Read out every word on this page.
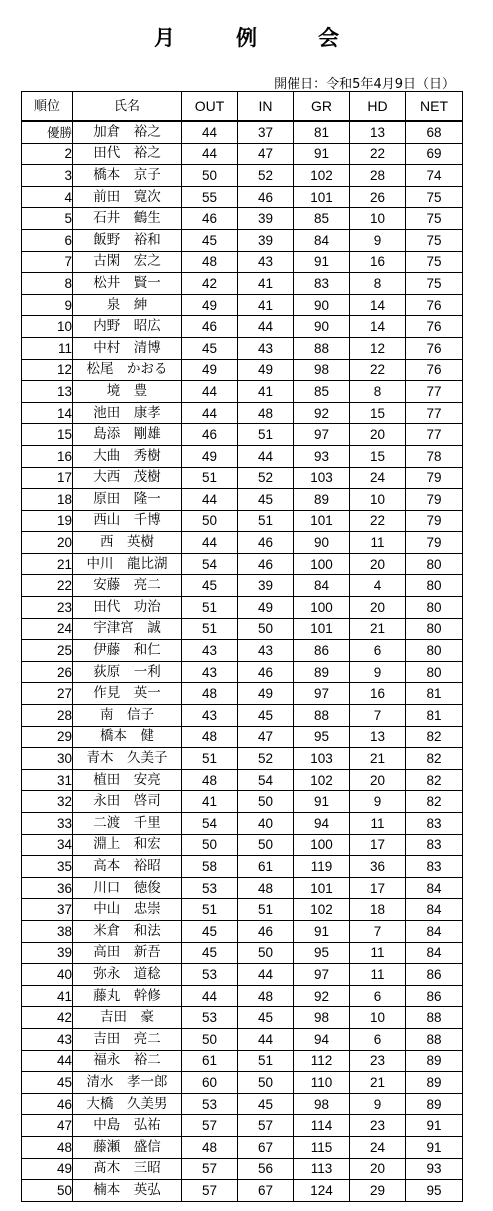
月　例　会
開催日：令和5年4月9日（日）
順位	氏名	OUT	IN	GR	HD	NET
優勝	加倉　裕之	44	37	81	13	68
2	田代　裕之	44	47	91	22	69
3	橋本　京子	50	52	102	28	74
4	前田　寛次	55	46	101	26	75
5	石井　鶴生	46	39	85	10	75
6	飯野　裕和	45	39	84	9	75
7	古閑　宏之	48	43	91	16	75
8	松井　賢一	42	41	83	8	75
9	泉　紳	49	41	90	14	76
10	内野　昭広	46	44	90	14	76
11	中村　清博	45	43	88	12	76
12	松尾　かおる	49	49	98	22	76
13	境　豊	44	41	85	8	77
14	池田　康孝	44	48	92	15	77
15	島添　剛雄	46	51	97	20	77
16	大曲　秀樹	49	44	93	15	78
17	大西　茂樹	51	52	103	24	79
18	原田　隆一	44	45	89	10	79
19	西山　千博	50	51	101	22	79
20	西　英樹	44	46	90	11	79
21	中川　龍比湖	54	46	100	20	80
22	安藤　亮二	45	39	84	4	80
23	田代　功治	51	49	100	20	80
24	宇津宮　誠	51	50	101	21	80
25	伊藤　和仁	43	43	86	6	80
26	荻原　一利	43	46	89	9	80
27	作見　英一	48	49	97	16	81
28	南　信子	43	45	88	7	81
29	橋本　健	48	47	95	13	82
30	青木　久美子	51	52	103	21	82
31	植田　安亮	48	54	102	20	82
32	永田　啓司	41	50	91	9	82
33	二渡　千里	54	40	94	11	83
34	淵上　和宏	50	50	100	17	83
35	高本　裕昭	58	61	119	36	83
36	川口　徳俊	53	48	101	17	84
37	中山　忠崇	51	51	102	18	84
38	米倉　和法	45	46	91	7	84
39	高田　新吾	45	50	95	11	84
40	弥永　道稔	53	44	97	11	86
41	藤丸　幹修	44	48	92	6	86
42	吉田　豪	53	45	98	10	88
43	吉田　亮二	50	44	94	6	88
44	福永　裕二	61	51	112	23	89
45	清水　孝一郎	60	50	110	21	89
46	大橋　久美男	53	45	98	9	89
47	中島　弘祐	57	57	114	23	91
48	藤瀬　盛信	48	67	115	24	91
49	髙木　三昭	57	56	113	20	93
50	楠本　英弘	57	67	124	29	95
